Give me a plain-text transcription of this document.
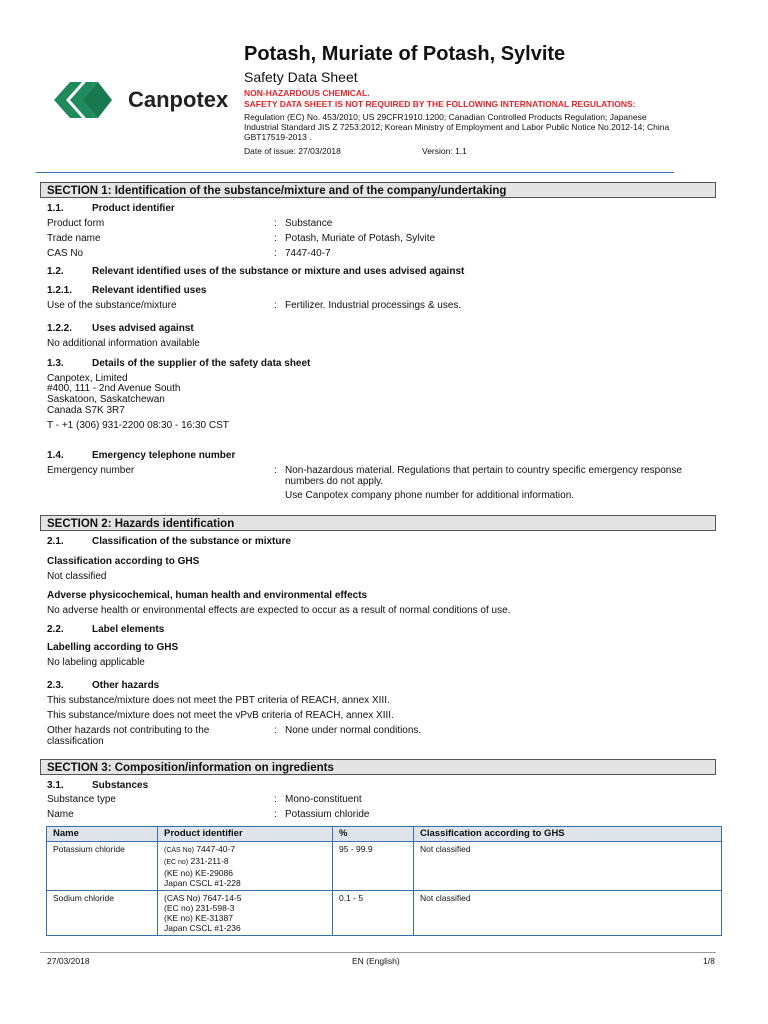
Canpotex
Potash, Muriate of Potash, Sylvite
Safety Data Sheet
NON-HAZARDOUS CHEMICAL.
SAFETY DATA SHEET IS NOT REQUIRED BY THE FOLLOWING INTERNATIONAL REGULATIONS:
Regulation (EC) No. 453/2010; US 29CFR1910.1200; Canadian Controlled Products Regulation; Japanese
Industrial Standard JIS Z 7253:2012; Korean Ministry of Employment and Labor Public Notice No.2012-14; China
GBT17519-2013 .
Date of issue: 27/03/2018	Version: 1.1
SECTION 1: Identification of the substance/mixture and of the company/undertaking
1.1.	Product identifier
Product form	: Substance
Trade name	: Potash, Muriate of Potash, Sylvite
CAS No	: 7447-40-7
1.2.	Relevant identified uses of the substance or mixture and uses advised against
1.2.1. Relevant identified uses
Use of the substance/mixture	: Fertilizer. Industrial processings & uses.
1.2.2. Uses advised against
No additional information available
1.3.	Details of the supplier of the safety data sheet
Canpotex, Limited
#400, 111 - 2nd Avenue South
Saskatoon, Saskatchewan
Canada S7K 3R7
T - +1 (306) 931-2200 08:30 - 16:30 CST
1.4.	Emergency telephone number
Emergency number	: Non-hazardous material. Regulations that pertain to country specific emergency response
numbers do not apply.
Use Canpotex company phone number for additional information.
SECTION 2: Hazards identification
2.1.	Classification of the substance or mixture
Classification according to GHS
Not classified
Adverse physicochemical, human health and environmental effects
No adverse health or environmental effects are expected to occur as a result of normal conditions of use.
2.2.	Label elements
Labelling according to GHS
No labeling applicable
2.3.	Other hazards
This substance/mixture does not meet the PBT criteria of REACH, annex XIII.
This substance/mixture does not meet the vPvB criteria of REACH, annex XIII.
Other hazards not contributing to the
classification
: None under normal conditions.
SECTION 3: Composition/information on ingredients
3.1.	Substances
Substance type	: Mono-constituent
Name	: Potassium chloride
Name	Product identifier	%	Classification according to GHS
Potassium chloride	(CAS No) 7447-40-7
(EC no) 231-211-8
(KE no) KE-29086
Japan CSCL #1-228	95 - 99.9	Not classified
Sodium chloride	(CAS No) 7647-14-5
(EC no) 231-598-3
(KE no) KE-31387
Japan CSCL #1-236	0.1 - 5	Not classified
27/03/2018	EN (English)	1/8
